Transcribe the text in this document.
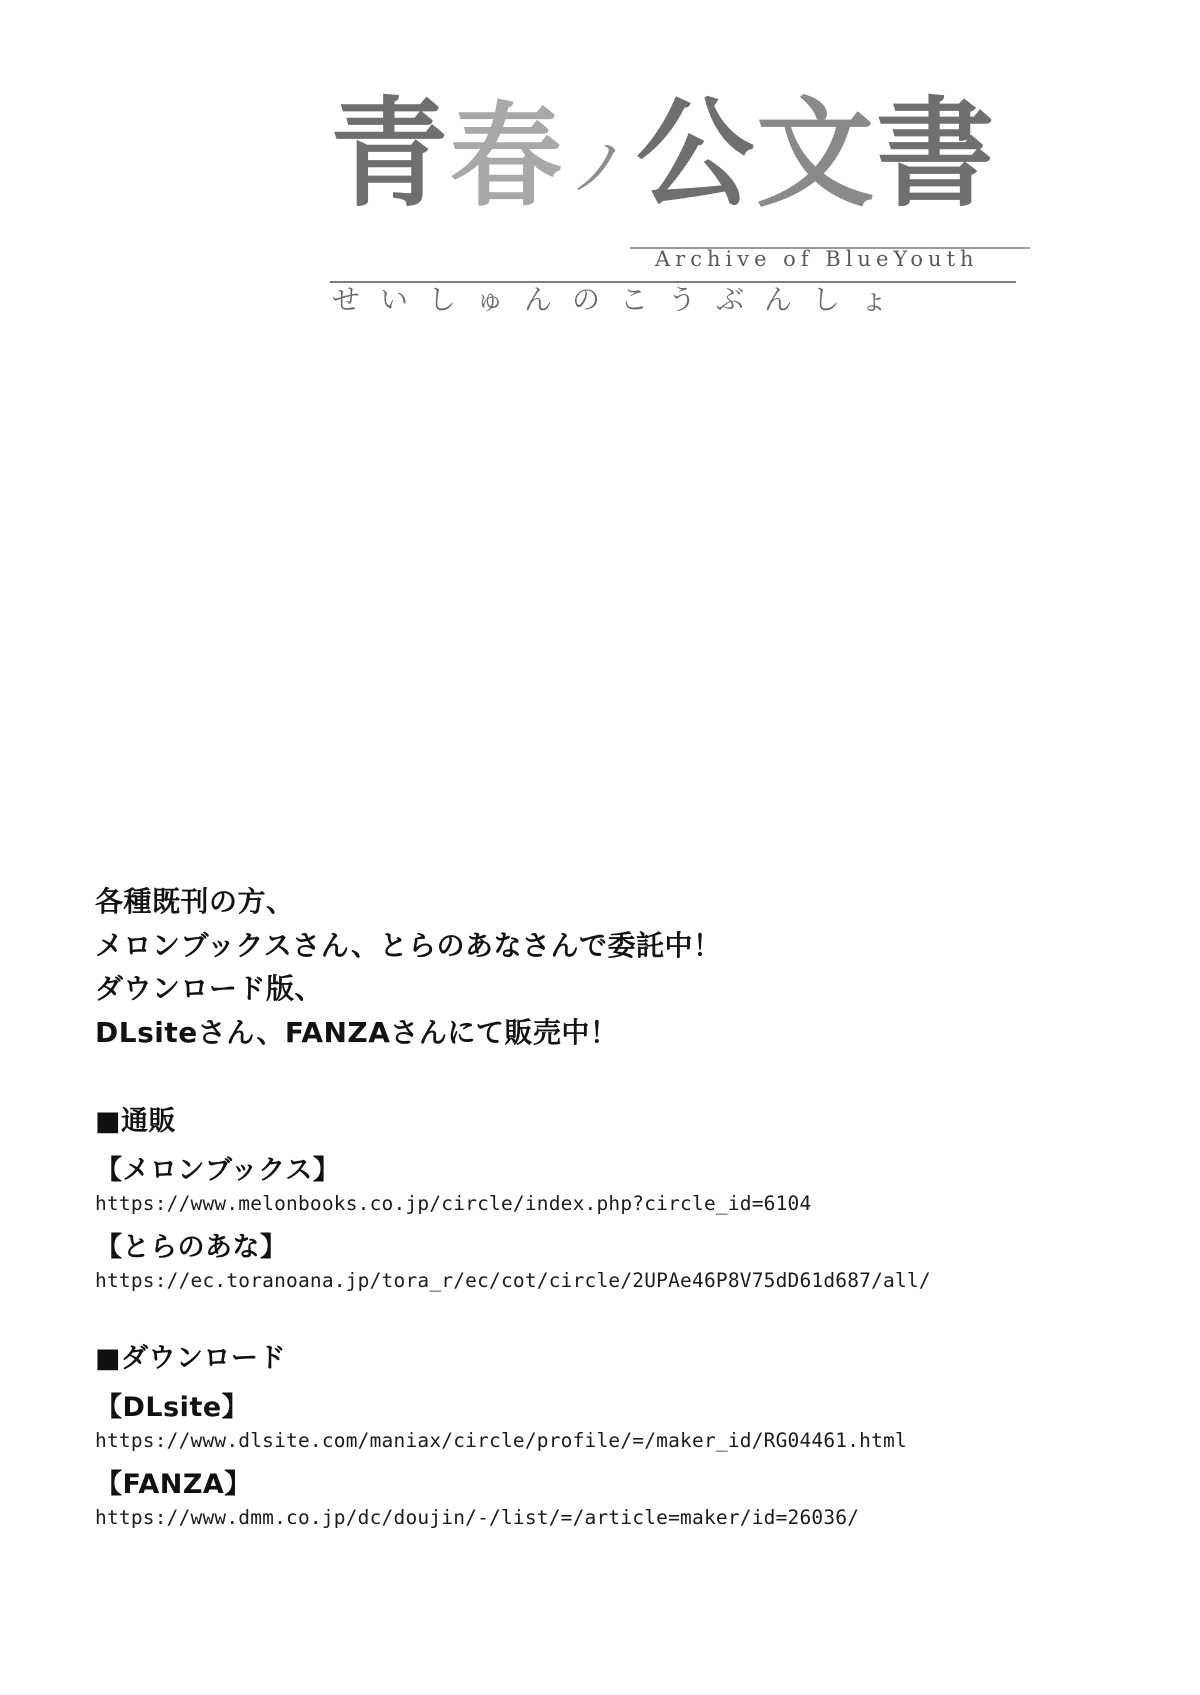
青 春 ノ 公 文 書
Archive of BlueYouth
せいしゅんのこうぶんしょ
各種既刊の方、
メロンブックスさん、とらのあなさんで委託中！
ダウンロード版、
DLsiteさん、FANZAさんにて販売中！
■通販
【メロンブックス】
https://www.melonbooks.co.jp/circle/index.php?circle_id=6104
【とらのあな】
https://ec.toranoana.jp/tora_r/ec/cot/circle/2UPAe46P8V75dD61d687/all/
■ダウンロード
【DLsite】
https://www.dlsite.com/maniax/circle/profile/=/maker_id/RG04461.html
【FANZA】
https://www.dmm.co.jp/dc/doujin/-/list/=/article=maker/id=26036/
